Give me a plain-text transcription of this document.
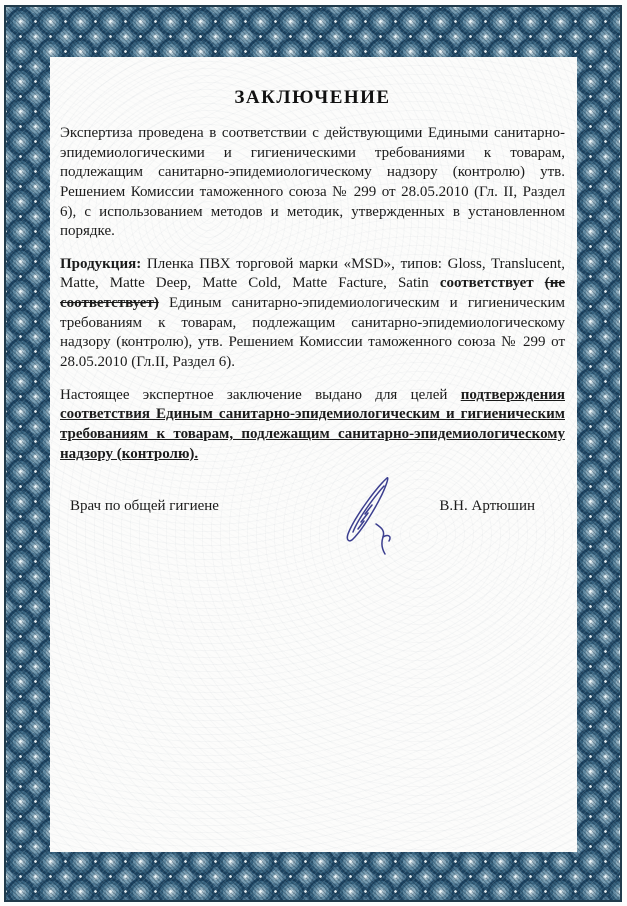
ЗАКЛЮЧЕНИЕ

Экспертиза проведена в соответствии с действующими Едиными санитарно-эпидемиологическими и гигиеническими требованиями к товарам, подлежащим санитарно-эпидемиологическому надзору (контролю) утв. Решением Комиссии таможенного союза № 299 от 28.05.2010 (Гл. II, Раздел 6), с использованием методов и методик, утвержденных в установленном порядке.

Продукция: Пленка ПВХ торговой марки «MSD», типов: Gloss, Translucent, Matte, Matte Deep, Matte Cold, Matte Facture, Satin соответствует (не соответствует) Единым санитарно-эпидемиологическим и гигиеническим требованиям к товарам, подлежащим санитарно-эпидемиологическому надзору (контролю), утв. Решением Комиссии таможенного союза № 299 от 28.05.2010 (Гл.II, Раздел 6).

Настоящее экспертное заключение выдано для целей подтверждения соответствия Единым санитарно-эпидемиологическим и гигиеническим требованиям к товарам, подлежащим санитарно-эпидемиологическому надзору (контролю).

Врач по общей гигиене	В.Н. Артюшин
